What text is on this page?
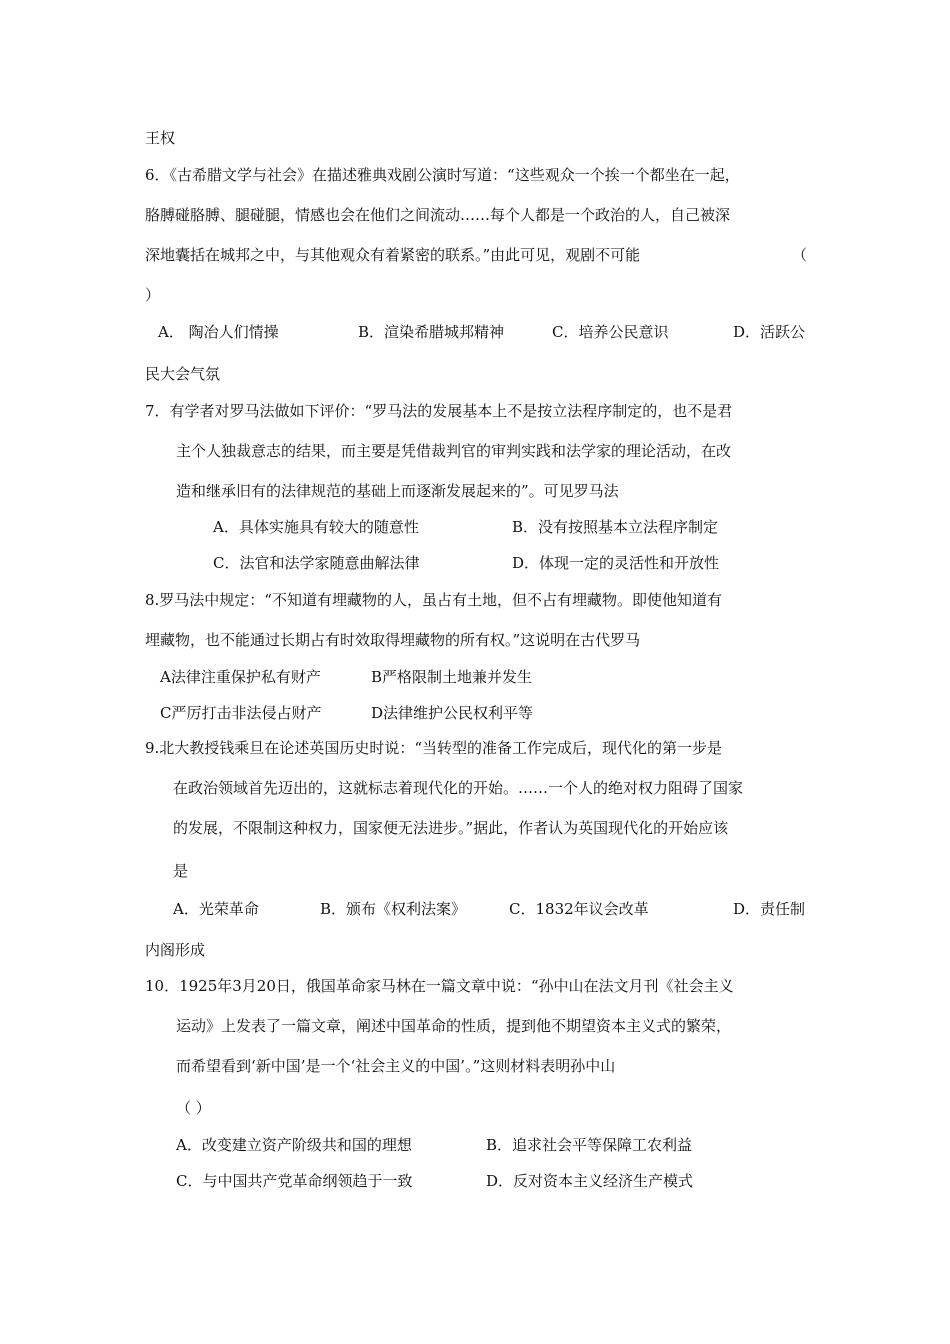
王权
6．《古希腊文学与社会》在描述雅典戏剧公演时写道：“这些观众一个挨一个都坐在一起，
胳膊碰胳膊、腿碰腿，情感也会在他们之间流动……每个人都是一个政治的人，自己被深
深地囊括在城邦之中，与其他观众有着紧密的联系。”由此可见，观剧不可能	（
）
A． 陶冶人们情操	B．渲染希腊城邦精神	C．培养公民意识	D．活跃公
民大会气氛
7．有学者对罗马法做如下评价：“罗马法的发展基本上不是按立法程序制定的，也不是君
主个人独裁意志的结果，而主要是凭借裁判官的审判实践和法学家的理论活动，在改
造和继承旧有的法律规范的基础上而逐渐发展起来的”。可见罗马法
A．具体实施具有较大的随意性	B．没有按照基本立法程序制定
C．法官和法学家随意曲解法律	D．体现一定的灵活性和开放性
8.罗马法中规定：“不知道有埋藏物的人，虽占有土地，但不占有埋藏物。即使他知道有
埋藏物，也不能通过长期占有时效取得埋藏物的所有权。”这说明在古代罗马
A法律注重保护私有财产	B严格限制土地兼并发生
C严厉打击非法侵占财产	D法律维护公民权利平等
9.北大教授钱乘旦在论述英国历史时说：“当转型的准备工作完成后，现代化的第一步是
在政治领域首先迈出的，这就标志着现代化的开始。……一个人的绝对权力阻碍了国家
的发展，不限制这种权力，国家便无法进步。”据此，作者认为英国现代化的开始应该
是
A．光荣革命	B．颁布《权利法案》	C．1832年议会改革	D．责任制
内阁形成
10．1925年3月20日，俄国革命家马林在一篇文章中说：“孙中山在法文月刊《社会主义
运动》上发表了一篇文章，阐述中国革命的性质，提到他不期望资本主义式的繁荣，
而希望看到‘新中国’是一个‘社会主义的中国’。”这则材料表明孙中山
（ ）
A．改变建立资产阶级共和国的理想	B．追求社会平等保障工农利益
C．与中国共产党革命纲领趋于一致	D．反对资本主义经济生产模式
